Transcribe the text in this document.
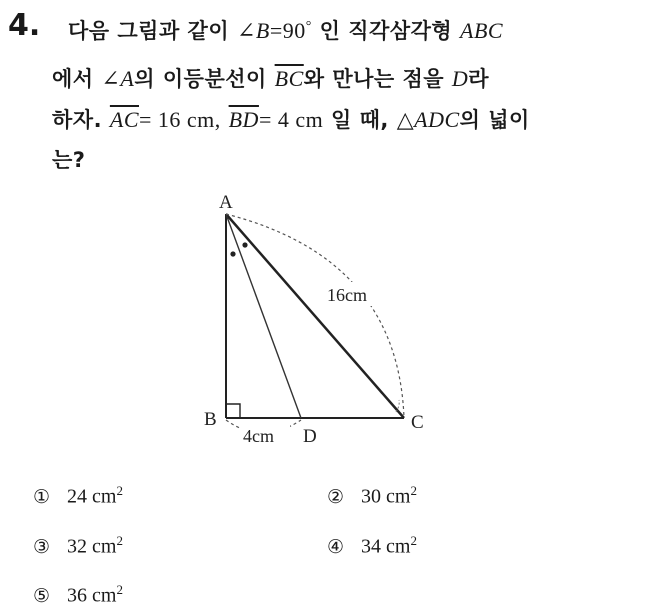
4. 다음 그림과 같이 ∠B=90° 인 직각삼각형 ABC
에서 ∠A의 이등분선이 $\overline{BC}$와 만나는 점을 D라
하자. $\overline{AC}= 16$ cm, $\overline{BD}= 4$ cm 일 때, △ADC의 넓이
는?
A
B	C
D
16cm
4cm
① 24 $cm^2$	② 30 $cm^2$
③ 32 $cm^2$	④ 34 $cm^2$
⑤ 36 $cm^2$
